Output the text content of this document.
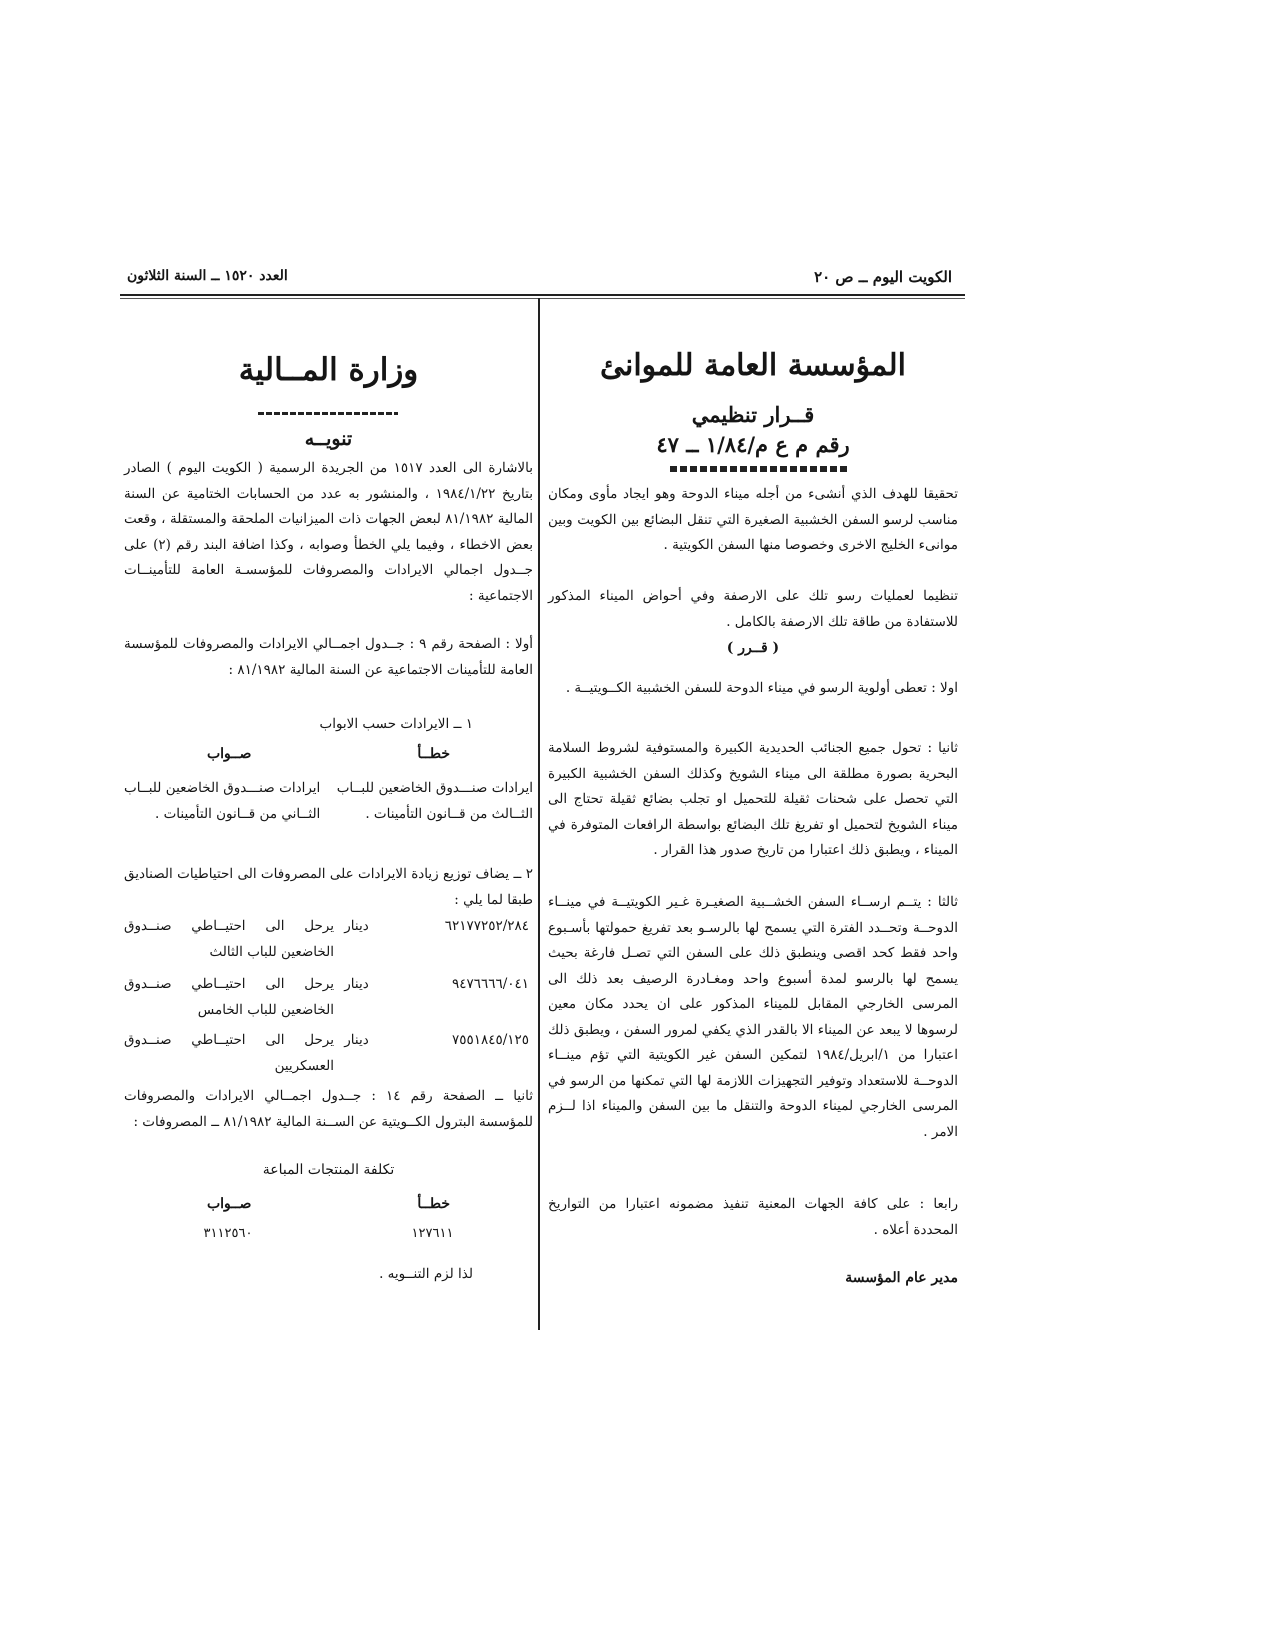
العدد ١٥٢٠ ــ السنة الثلاثون	الكويت اليوم ــ ص ٢٠
المؤسسة العامة للموانئ
قــرار تنظيمي
رقم م ع م/١/٨٤ ــ ٤٧
تحقيقا للهدف الذي أنشىء من أجله ميناء الدوحة وهو ايجاد مأوى ومكان مناسب لرسو السفن الخشبية الصغيرة التي تنقل البضائع بين الكويت وبين موانىء الخليج الاخرى وخصوصا منها السفن الكويتية .
تنظيما لعمليات رسو تلك على الارصفة وفي أحواض الميناء المذكور للاستفادة من طاقة تلك الارصفة بالكامل .
( قــرر )
اولا : تعطى أولوية الرسو في ميناء الدوحة للسفن الخشبية الكــويتيــة .
ثانيا : تحول جميع الجنائب الحديدية الكبيرة والمستوفية لشروط السلامة البحرية بصورة مطلقة الى ميناء الشويخ وكذلك السفن الخشبية الكبيرة التي تحصل على شحنات ثقيلة للتحميل او تجلب بضائع ثقيلة تحتاج الى ميناء الشويخ لتحميل او تفريغ تلك البضائع بواسطة الرافعات المتوفرة في الميناء ، ويطبق ذلك اعتبارا من تاريخ صدور هذا القرار .
ثالثا : يتــم ارســاء السفن الخشــبية الصغيـرة غـير الكويتيــة في مينــاء الدوحــة وتحــدد الفترة التي يسمح لها بالرسـو بعد تفريغ حمولتها بأسـبوع واحد فقط كحد اقصى وينطبق ذلك على السفن التي تصـل فارغة بحيث يسمح لها بالرسو لمدة أسبوع واحد ومغـادرة الرصيف بعد ذلك الى المرسى الخارجي المقابل للميناء المذكور على ان يحدد مكان معين لرسوها لا يبعد عن الميناء الا بالقدر الذي يكفي لمرور السفن ، ويطبق ذلك اعتبارا من ١/ابريل/١٩٨٤ لتمكين السفن غير الكويتية التي تؤم مينــاء الدوحــة للاستعداد وتوفير التجهيزات اللازمة لها التي تمكنها من الرسو في المرسى الخارجي لميناء الدوحة والتنقل ما بين السفن والميناء اذا لــزم الامر .
رابعا : على كافة الجهات المعنية تنفيذ مضمونه اعتبارا من التواريخ المحددة أعلاه .
مدير عام المؤسسة
وزارة المــالية
تنويــه
بالاشارة الى العدد ١٥١٧ من الجريدة الرسمية ( الكويت اليوم ) الصادر بتاريخ ١٩٨٤/١/٢٢ ، والمنشور به عدد من الحسابات الختامية عن السنة المالية ٨١/١٩٨٢ لبعض الجهات ذات الميزانيات الملحقة والمستقلة ، وقعت بعض الاخطاء ، وفيما يلي الخطأ وصوابه ، وكذا اضافة البند رقم (٢) على جــدول اجمالي الايرادات والمصروفات للمؤسسـة العامة للتأمينــات الاجتماعية :
أولا : الصفحة رقم ٩ : جــدول اجمــالي الايرادات والمصروفات للمؤسسة العامة للتأمينات الاجتماعية عن السنة المالية ٨١/١٩٨٢ :
١ ــ الايرادات حسب الابواب
خطــأ
صــواب
ايرادات صنـــدوق الخاضعين للبــاب الثــاني من قــانون التأمينات .
ايرادات صنـــدوق الخاضعين للبــاب الثــالث من قــانون التأمينات .
٢ ــ يضاف توزيع زيادة الايرادات على المصروفات الى احتياطيات الصناديق طبقا لما يلي :
٦٢١٧٧٢٥٢/٢٨٤
دينار
يرحل الى احتيــاطي صنــدوق الخاضعين للباب الثالث
٩٤٧٦٦٦٦/٠٤١
دينار
يرحل الى احتيــاطي صنــدوق الخاضعين للباب الخامس
٧٥٥١٨٤٥/١٢٥
دينار
يرحل الى احتيــاطي صنــدوق العسكريين
ثانيا ــ الصفحة رقم ١٤ : جــدول اجمــالي الايرادات والمصروفات للمؤسسة البترول الكــويتية عن الســنة المالية ٨١/١٩٨٢ ــ المصروفات :
تكلفة المنتجات المباعة
خطــأ
صــواب
١٢٧٦١١
٣١١٢٥٦٠
لذا لزم التنــويه .
